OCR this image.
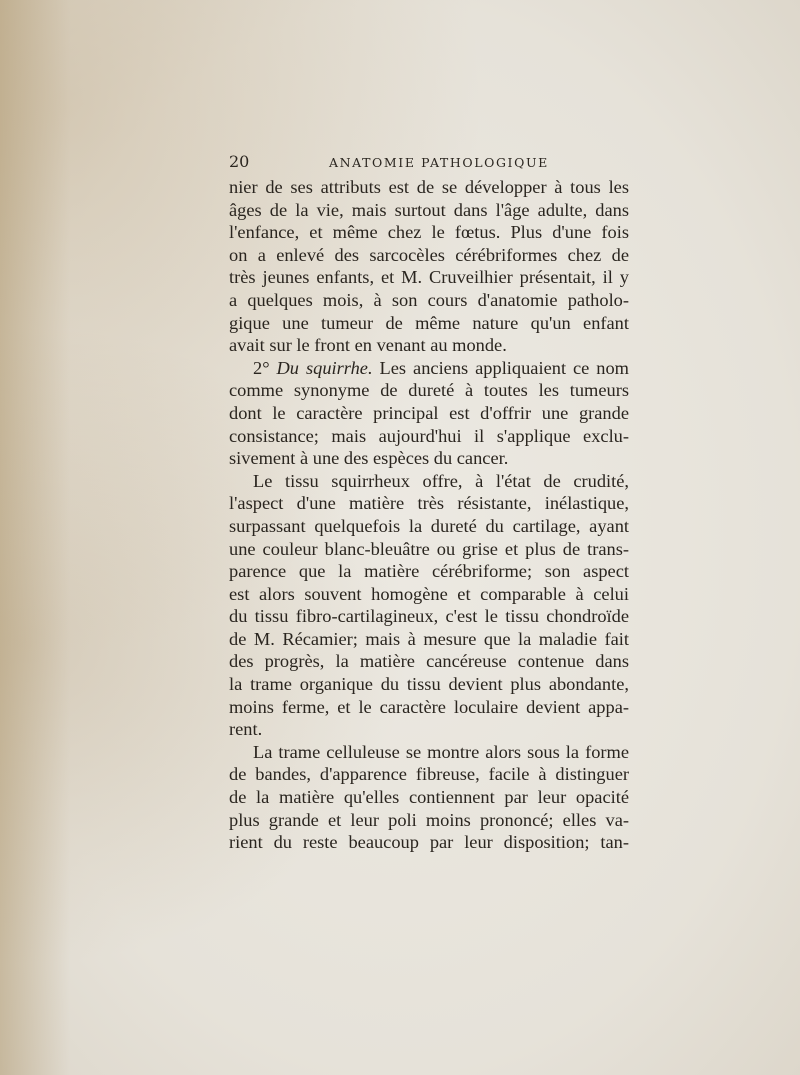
20	ANATOMIE PATHOLOGIQUE
nier de ses attributs est de se développer à tous les
âges de la vie, mais surtout dans l'âge adulte, dans
l'enfance, et même chez le fœtus. Plus d'une fois
on a enlevé des sarcocèles cérébriformes chez de
très jeunes enfants, et M. Cruveilhier présentait, il y
a quelques mois, à son cours d'anatomie patholo-
gique une tumeur de même nature qu'un enfant
avait sur le front en venant au monde.
2° Du squirrhe. Les anciens appliquaient ce nom
comme synonyme de dureté à toutes les tumeurs
dont le caractère principal est d'offrir une grande
consistance; mais aujourd'hui il s'applique exclu-
sivement à une des espèces du cancer.
Le tissu squirrheux offre, à l'état de crudité,
l'aspect d'une matière très résistante, inélastique,
surpassant quelquefois la dureté du cartilage, ayant
une couleur blanc-bleuâtre ou grise et plus de trans-
parence que la matière cérébriforme; son aspect
est alors souvent homogène et comparable à celui
du tissu fibro-cartilagineux, c'est le tissu chondroïde
de M. Récamier; mais à mesure que la maladie fait
des progrès, la matière cancéreuse contenue dans
la trame organique du tissu devient plus abondante,
moins ferme, et le caractère loculaire devient appa-
rent.
La trame celluleuse se montre alors sous la forme
de bandes, d'apparence fibreuse, facile à distinguer
de la matière qu'elles contiennent par leur opacité
plus grande et leur poli moins prononcé; elles va-
rient du reste beaucoup par leur disposition; tan-
